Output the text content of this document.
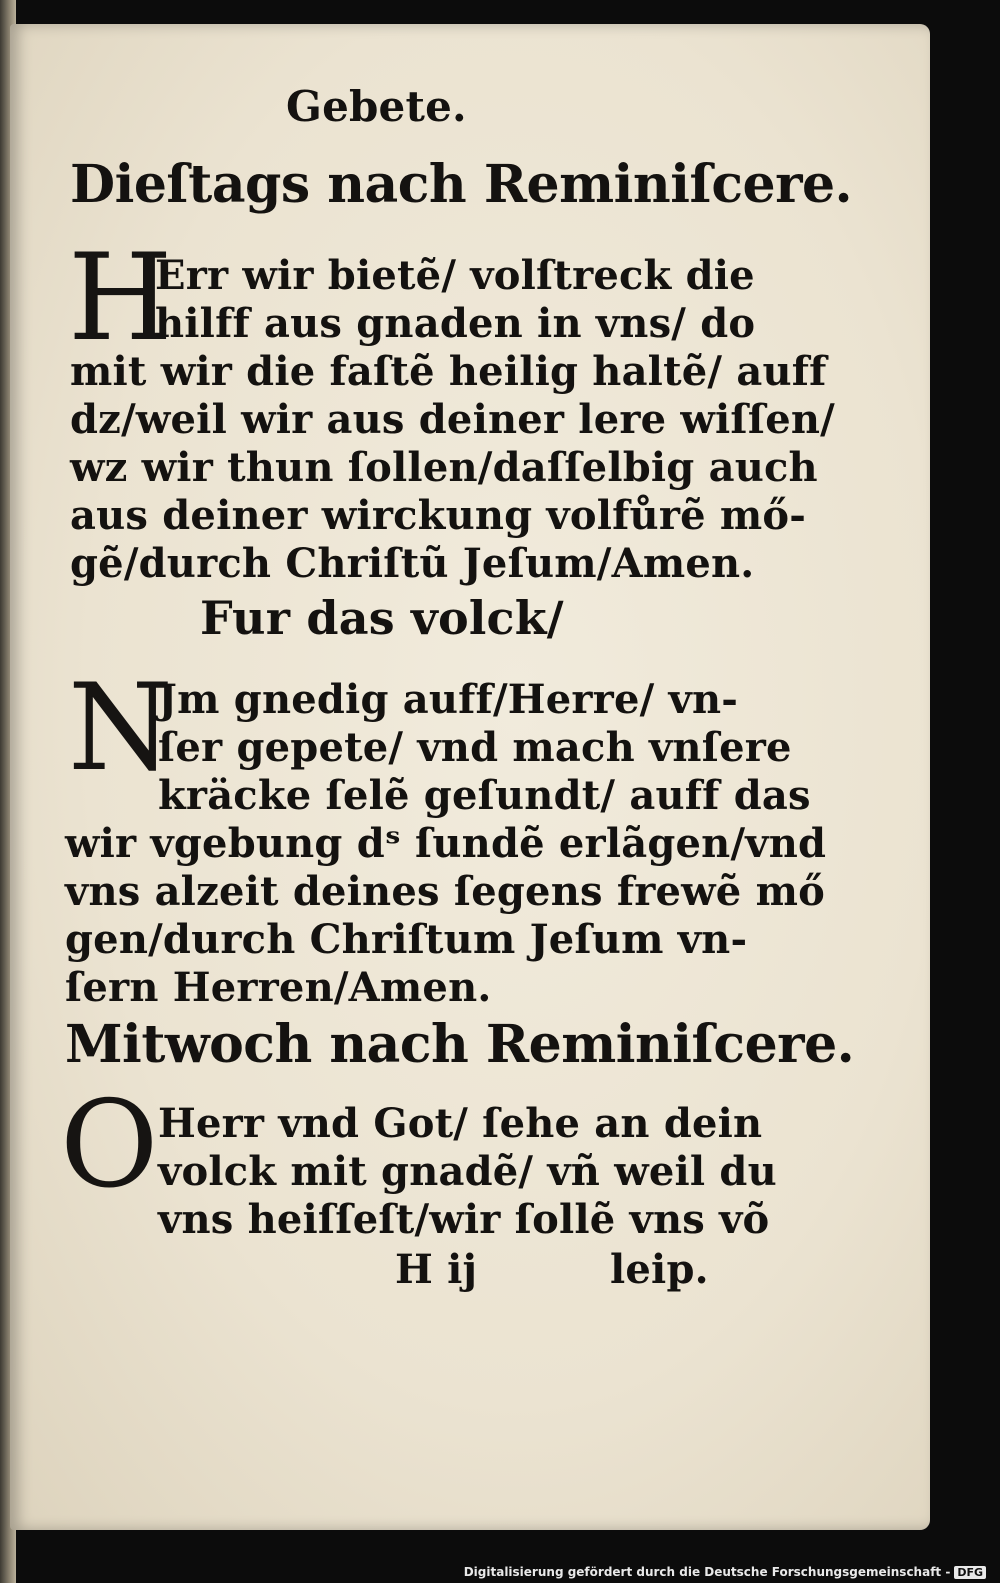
Gebete.
Dieſtags nach Reminiſcere.
H
Err wir bietẽ/ volſtreck die
hilff aus gnaden in vns/ do
mit wir die faſtẽ heilig haltẽ/ auff
dz/weil wir aus deiner lere wiſſen/
wz wir thun ſollen/daſſelbig auch
aus deiner wirckung volfůrẽ mő-
gẽ/durch Chriſtũ Jeſum/Amen.
Fur das volck/
N
Jm gnedig auff/Herre/ vn-
ſer gepete/ vnd mach vnſere
kräcke ſelẽ geſundt/ auff das
wir vgebung dˢ ſundẽ erlãgen/vnd
vns alzeit deines ſegens frewẽ mő
gen/durch Chriſtum Jeſum vn-
ſern Herren/Amen.
Mitwoch nach Reminiſcere.
O Herr vnd Got/ ſehe an dein
volck mit gnadẽ/ vñ weil du
vns heiſſeſt/wir ſollẽ vns võ
H ij	leip.
Digitalisierung gefördert durch die Deutsche Forschungsgemeinschaft - DFG
